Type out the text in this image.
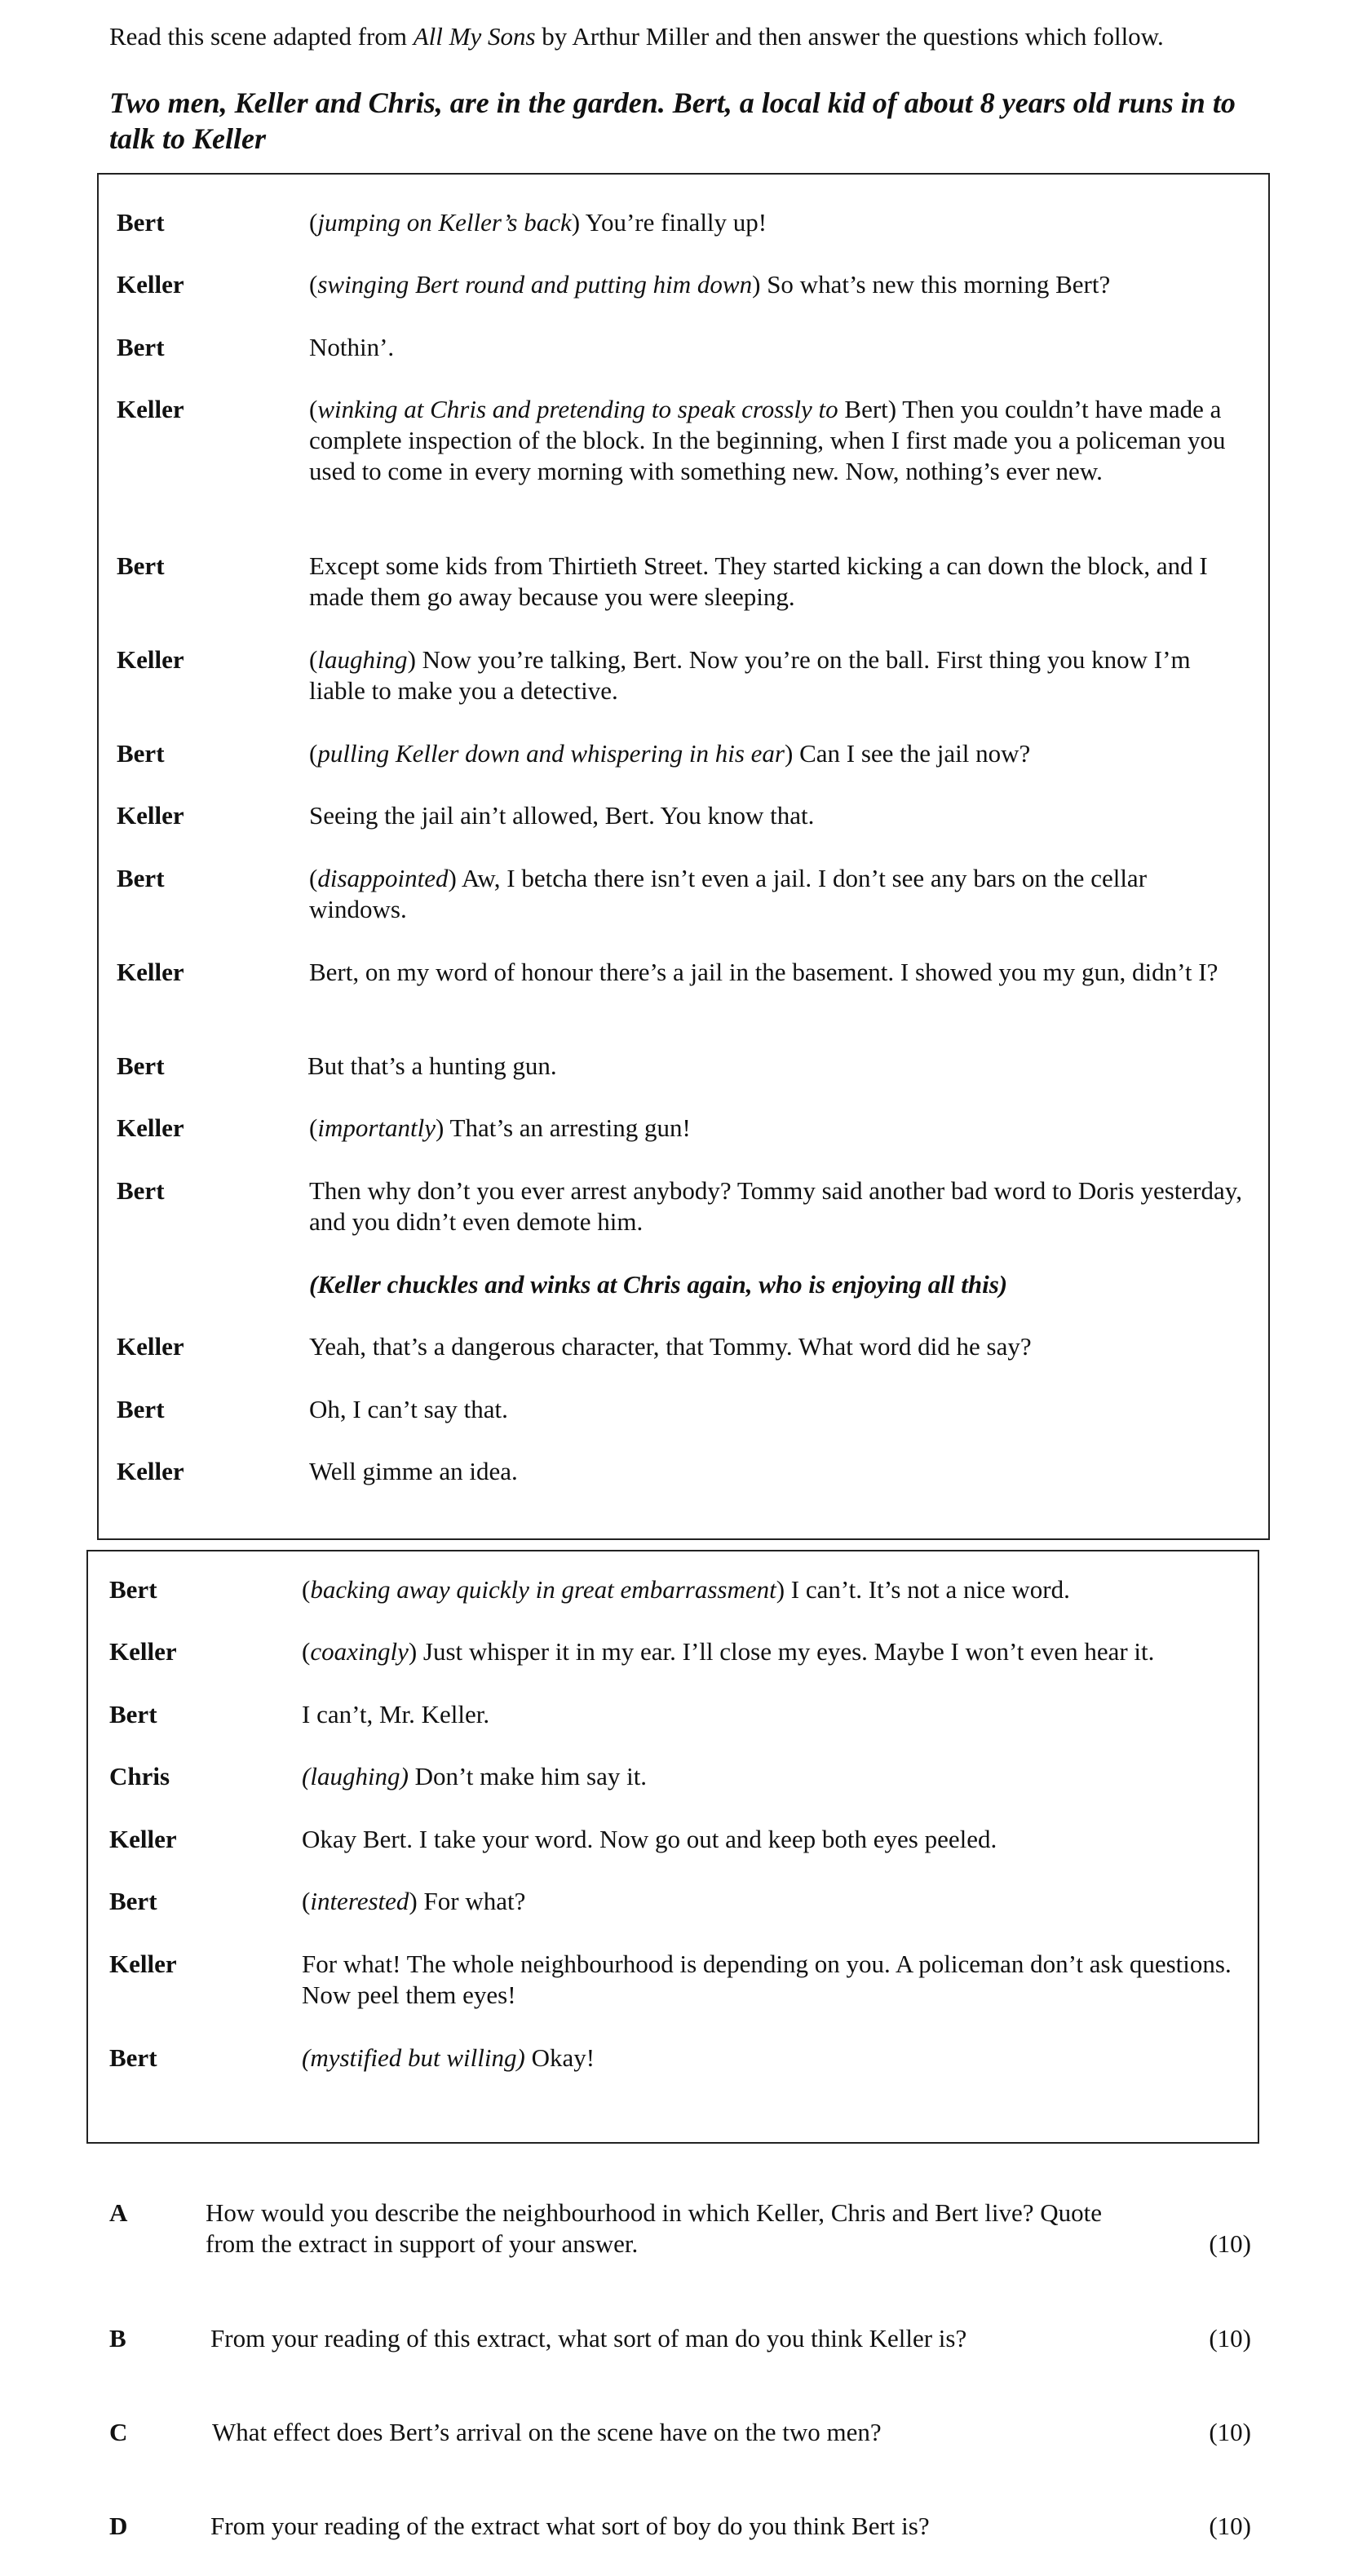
Read this scene adapted from All My Sons by Arthur Miller and then answer the questions which follow.
Two men, Keller and Chris, are in the garden. Bert, a local kid of about 8 years old runs in to talk to Keller
Bert	(jumping on Keller’s back) You’re finally up!
Keller	(swinging Bert round and putting him down) So what’s new this morning Bert?
Bert	Nothin’.
Keller	(winking at Chris and pretending to speak crossly to Bert) Then you couldn’t have made a complete inspection of the block. In the beginning, when I first made you a policeman you used to come in every morning with something new. Now, nothing’s ever new.
Bert	Except some kids from Thirtieth Street. They started kicking a can down the block, and I made them go away because you were sleeping.
Keller	(laughing) Now you’re talking, Bert. Now you’re on the ball. First thing you know I’m liable to make you a detective.
Bert	(pulling Keller down and whispering in his ear) Can I see the jail now?
Keller	Seeing the jail ain’t allowed, Bert. You know that.
Bert	(disappointed) Aw, I betcha there isn’t even a jail. I don’t see any bars on the cellar windows.
Keller	Bert, on my word of honour there’s a jail in the basement. I showed you my gun, didn’t I?
Bert	But that’s a hunting gun.
Keller	(importantly) That’s an arresting gun!
Bert	Then why don’t you ever arrest anybody? Tommy said another bad word to Doris yesterday, and you didn’t even demote him.
(Keller chuckles and winks at Chris again, who is enjoying all this)
Keller	Yeah, that’s a dangerous character, that Tommy. What word did he say?
Bert	Oh, I can’t say that.
Keller	Well gimme an idea.
Bert	(backing away quickly in great embarrassment) I can’t. It’s not a nice word.
Keller	(coaxingly) Just whisper it in my ear. I’ll close my eyes. Maybe I won’t even hear it.
Bert	I can’t, Mr. Keller.
Chris	(laughing) Don’t make him say it.
Keller	Okay Bert. I take your word. Now go out and keep both eyes peeled.
Bert	(interested) For what?
Keller	For what! The whole neighbourhood is depending on you. A policeman don’t ask questions. Now peel them eyes!
Bert	(mystified but willing) Okay!
A	How would you describe the neighbourhood in which Keller, Chris and Bert live? Quote from the extract in support of your answer.	(10)
B	From your reading of this extract, what sort of man do you think Keller is?	(10)
C	What effect does Bert’s arrival on the scene have on the two men?	(10)
D	From your reading of the extract what sort of boy do you think Bert is?	(10)
